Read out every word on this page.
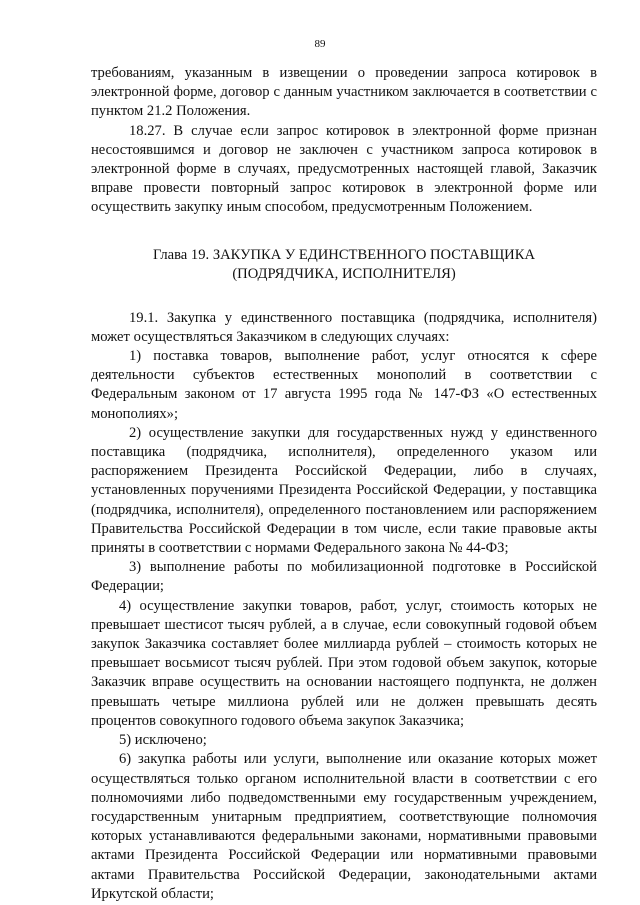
89

требованиям, указанным в извещении о проведении запроса котировок в электронной форме, договор с данным участником заключается в соответствии с пунктом 21.2 Положения.

18.27. В случае если запрос котировок в электронной форме признан несостоявшимся и договор не заключен с участником запроса котировок в электронной форме в случаях, предусмотренных настоящей главой, Заказчик вправе провести повторный запрос котировок в электронной форме или осуществить закупку иным способом, предусмотренным Положением.

Глава 19. ЗАКУПКА У ЕДИНСТВЕННОГО ПОСТАВЩИКА
(ПОДРЯДЧИКА, ИСПОЛНИТЕЛЯ)

19.1. Закупка у единственного поставщика (подрядчика, исполнителя) может осуществляться Заказчиком в следующих случаях:

1) поставка товаров, выполнение работ, услуг относятся к сфере деятельности субъектов естественных монополий в соответствии с Федеральным законом от 17 августа 1995 года № 147-ФЗ «О естественных монополиях»;

2) осуществление закупки для государственных нужд у единственного поставщика (подрядчика, исполнителя), определенного указом или распоряжением Президента Российской Федерации, либо в случаях, установленных поручениями Президента Российской Федерации, у поставщика (подрядчика, исполнителя), определенного постановлением или распоряжением Правительства Российской Федерации в том числе, если такие правовые акты приняты в соответствии с нормами Федерального закона № 44-ФЗ;

3) выполнение работы по мобилизационной подготовке в Российской Федерации;

4) осуществление закупки товаров, работ, услуг, стоимость которых не превышает шестисот тысяч рублей, а в случае, если совокупный годовой объем закупок Заказчика составляет более миллиарда рублей – стоимость которых не превышает восьмисот тысяч рублей. При этом годовой объем закупок, которые Заказчик вправе осуществить на основании настоящего подпункта, не должен превышать четыре миллиона рублей или не должен превышать десять процентов совокупного годового объема закупок Заказчика;

5) исключено;

6) закупка работы или услуги, выполнение или оказание которых может осуществляться только органом исполнительной власти в соответствии с его полномочиями либо подведомственными ему государственным учреждением, государственным унитарным предприятием, соответствующие полномочия которых устанавливаются федеральными законами, нормативными правовыми актами Президента Российской Федерации или нормативными правовыми актами Правительства Российской Федерации, законодательными актами Иркутской области;
